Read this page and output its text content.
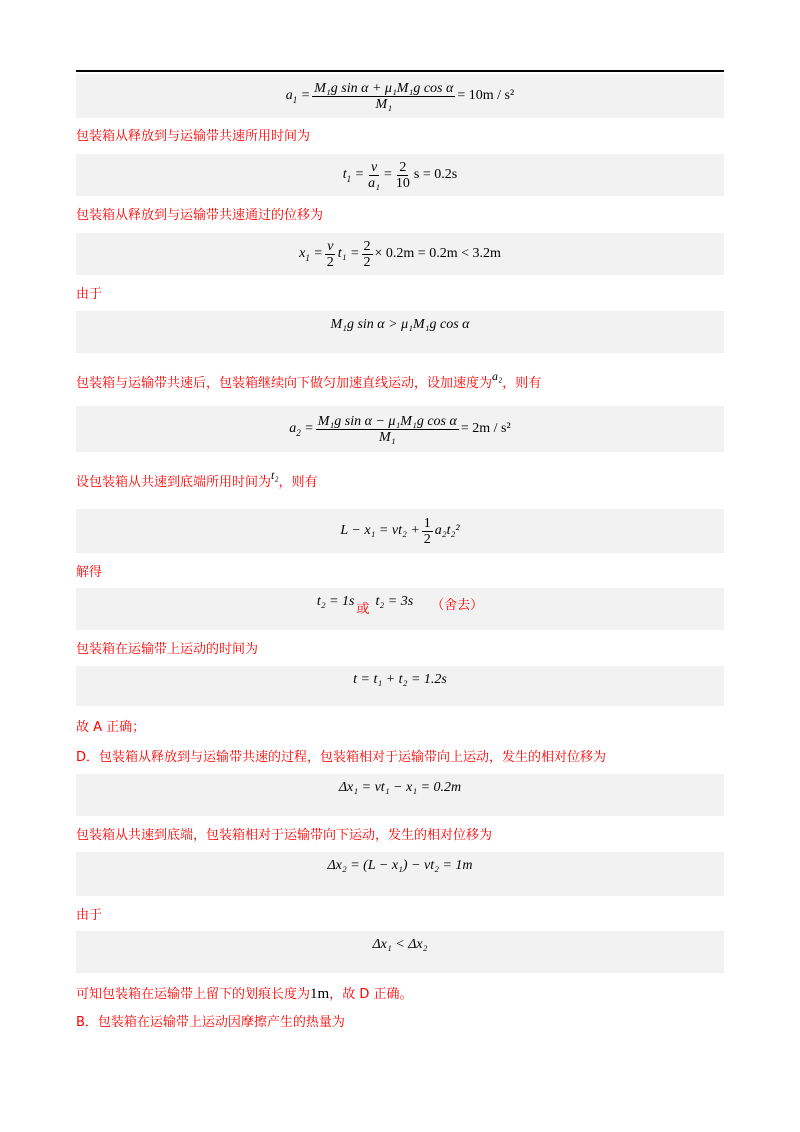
$a_1 = \frac{\text{M₁g sin α + μ₁M₁g cos α}}{\text{M₁}} = 10m / s^2$
包装箱从释放到与运输带共速所用时间为
$t_1 = \frac{v}{\text{a₁}} = \frac{2}{10}$ s = 0.2s
包装箱从释放到与运输带共速通过的位移为
$x_1 = \frac{v}{2} t_1 = \frac{2}{2} \times 0.2m = 0.2m < 3.2m$
由于
M₁g sin α > μ₁M₁g cos α
包装箱与运输带共速后，包装箱继续向下做匀加速直线运动，设加速度为a₂，则有
$a_2 = \frac{\text{M₁g sin α − μ₁M₁g cos α}}{\text{M₁}} = 2m / s^2$
设包装箱从共速到底端所用时间为t₂，则有
$L - x_1 = vt_2 + \frac{1}{2} a_2t_2^2$
解得
t₂ = 1s
或
t₂ = 3s （舍去）
包装箱在运输带上运动的时间为
t = t₁ + t₂ = 1.2s
故 A 正确；
D．包装箱从释放到与运输带共速的过程，包装箱相对于运输带向上运动，发生的相对位移为
Δx₁ = vt₁ − x₁ = 0.2m
包装箱从共速到底端，包装箱相对于运输带向下运动，发生的相对位移为
Δx₂ = (L − x₁) − vt₂ = 1m
由于
Δx₁ < Δx₂
可知包装箱在运输带上留下的划痕长度为1m，故 D 正确。
B．包装箱在运输带上运动因摩擦产生的热量为
